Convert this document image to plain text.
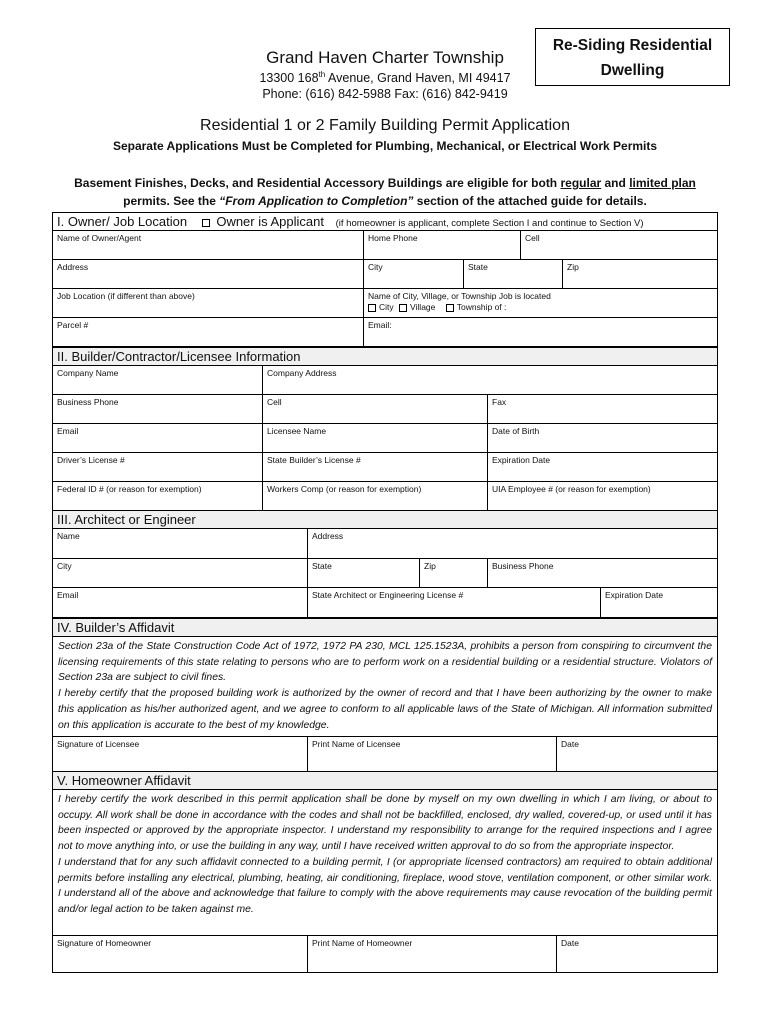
Grand Haven Charter Township
13300 168th Avenue, Grand Haven, MI 49417
Phone: (616) 842-5988 Fax: (616) 842-9419
Re-Siding Residential
Dwelling
Residential 1 or 2 Family Building Permit Application
Separate Applications Must be Completed for Plumbing, Mechanical, or Electrical Work Permits
Basement Finishes, Decks, and Residential Accessory Buildings are eligible for both regular and limited plan permits. See the “From Application to Completion” section of the attached guide for details.
I. Owner/ Job Location Owner is Applicant (if homeowner is applicant, complete Section I and continue to Section V)
Name of Owner/Agent	Home Phone	Cell
Address	City	State	Zip
Job Location (if different than above)	Name of City, Village, or Township Job is located
City Village	Township of :
Parcel #	Email:
II. Builder/Contractor/Licensee Information
Company Name	Company Address
Business Phone	Cell	Fax
Email	Licensee Name	Date of Birth
Driver’s License #	State Builder’s License #	Expiration Date
Federal ID # (or reason for exemption)	Workers Comp (or reason for exemption)	UIA Employee # (or reason for exemption)
III. Architect or Engineer
Name	Address
City	State	Zip	Business Phone
Email	State Architect or Engineering License #	Expiration Date
IV. Builder’s Affidavit

Section 23a of the State Construction Code Act of 1972, 1972 PA 230, MCL 125.1523A, prohibits a person from conspiring to circumvent the licensing requirements of this state relating to persons who are to perform work on a residential building or a residential structure. Violators of Section 23a are subject to civil fines.

I hereby certify that the proposed building work is authorized by the owner of record and that I have been authorizing by the owner to make this application as his/her authorized agent, and we agree to conform to all applicable laws of the State of Michigan. All information submitted on this application is accurate to the best of my knowledge.

Signature of Licensee	Print Name of Licensee	Date
V. Homeowner Affidavit

I hereby certify the work described in this permit application shall be done by myself on my own dwelling in which I am living, or about to occupy. All work shall be done in accordance with the codes and shall not be backfilled, enclosed, dry walled, covered-up, or used until it has been inspected or approved by the appropriate inspector. I understand my responsibility to arrange for the required inspections and I agree not to move anything into, or use the building in any way, until I have received written approval to do so from the appropriate inspector.

I understand that for any such affidavit connected to a building permit, I (or appropriate licensed contractors) am required to obtain additional permits before installing any electrical, plumbing, heating, air conditioning, fireplace, wood stove, ventilation component, or other similar work. I understand all of the above and acknowledge that failure to comply with the above requirements may cause revocation of the building permit and/or legal action to be taken against me.

Signature of Homeowner	Print Name of Homeowner	Date
